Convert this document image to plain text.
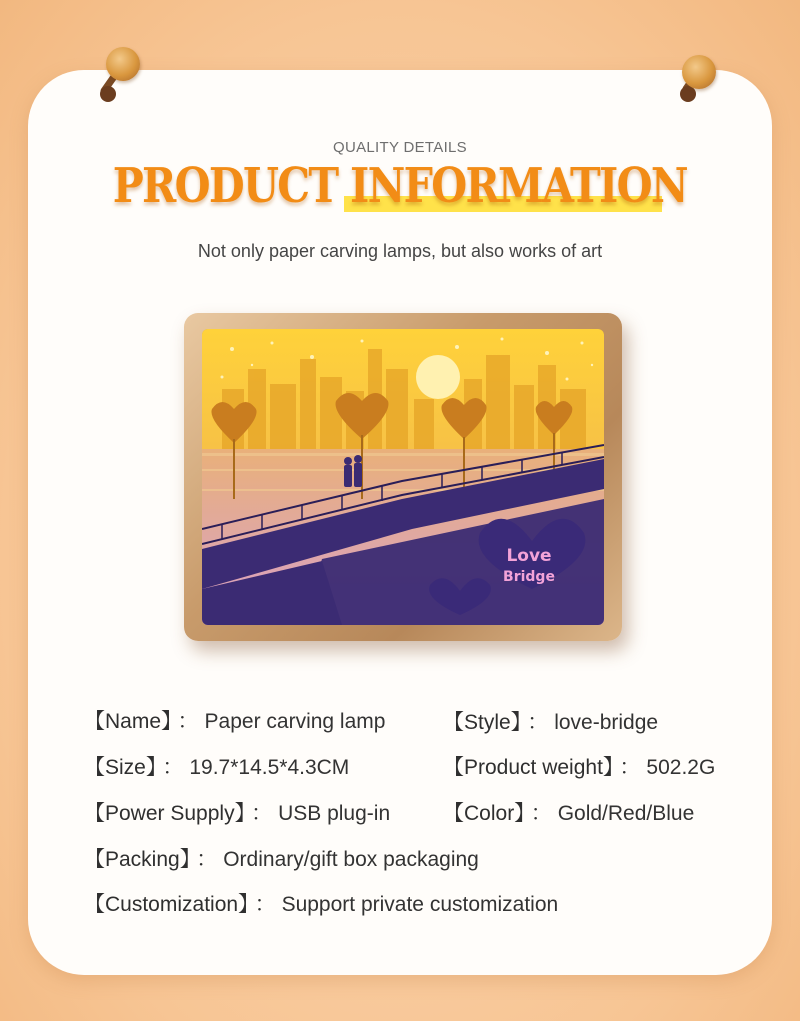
QUALITY DETAILS
PRODUCT INFORMATION
Not only paper carving lamps, but also works of art
Love
Bridge
【Name】 ： Paper carving lamp	【Style】 ： love-bridge
【Size】 ： 19.7*14.5*4.3CM	【Product weight】 ： 502.2G
【Power Supply】 ： USB plug-in	【Color】 ： Gold/Red/Blue
【Packing】 ： Ordinary/gift box packaging
【Customization】 ： Support private customization
